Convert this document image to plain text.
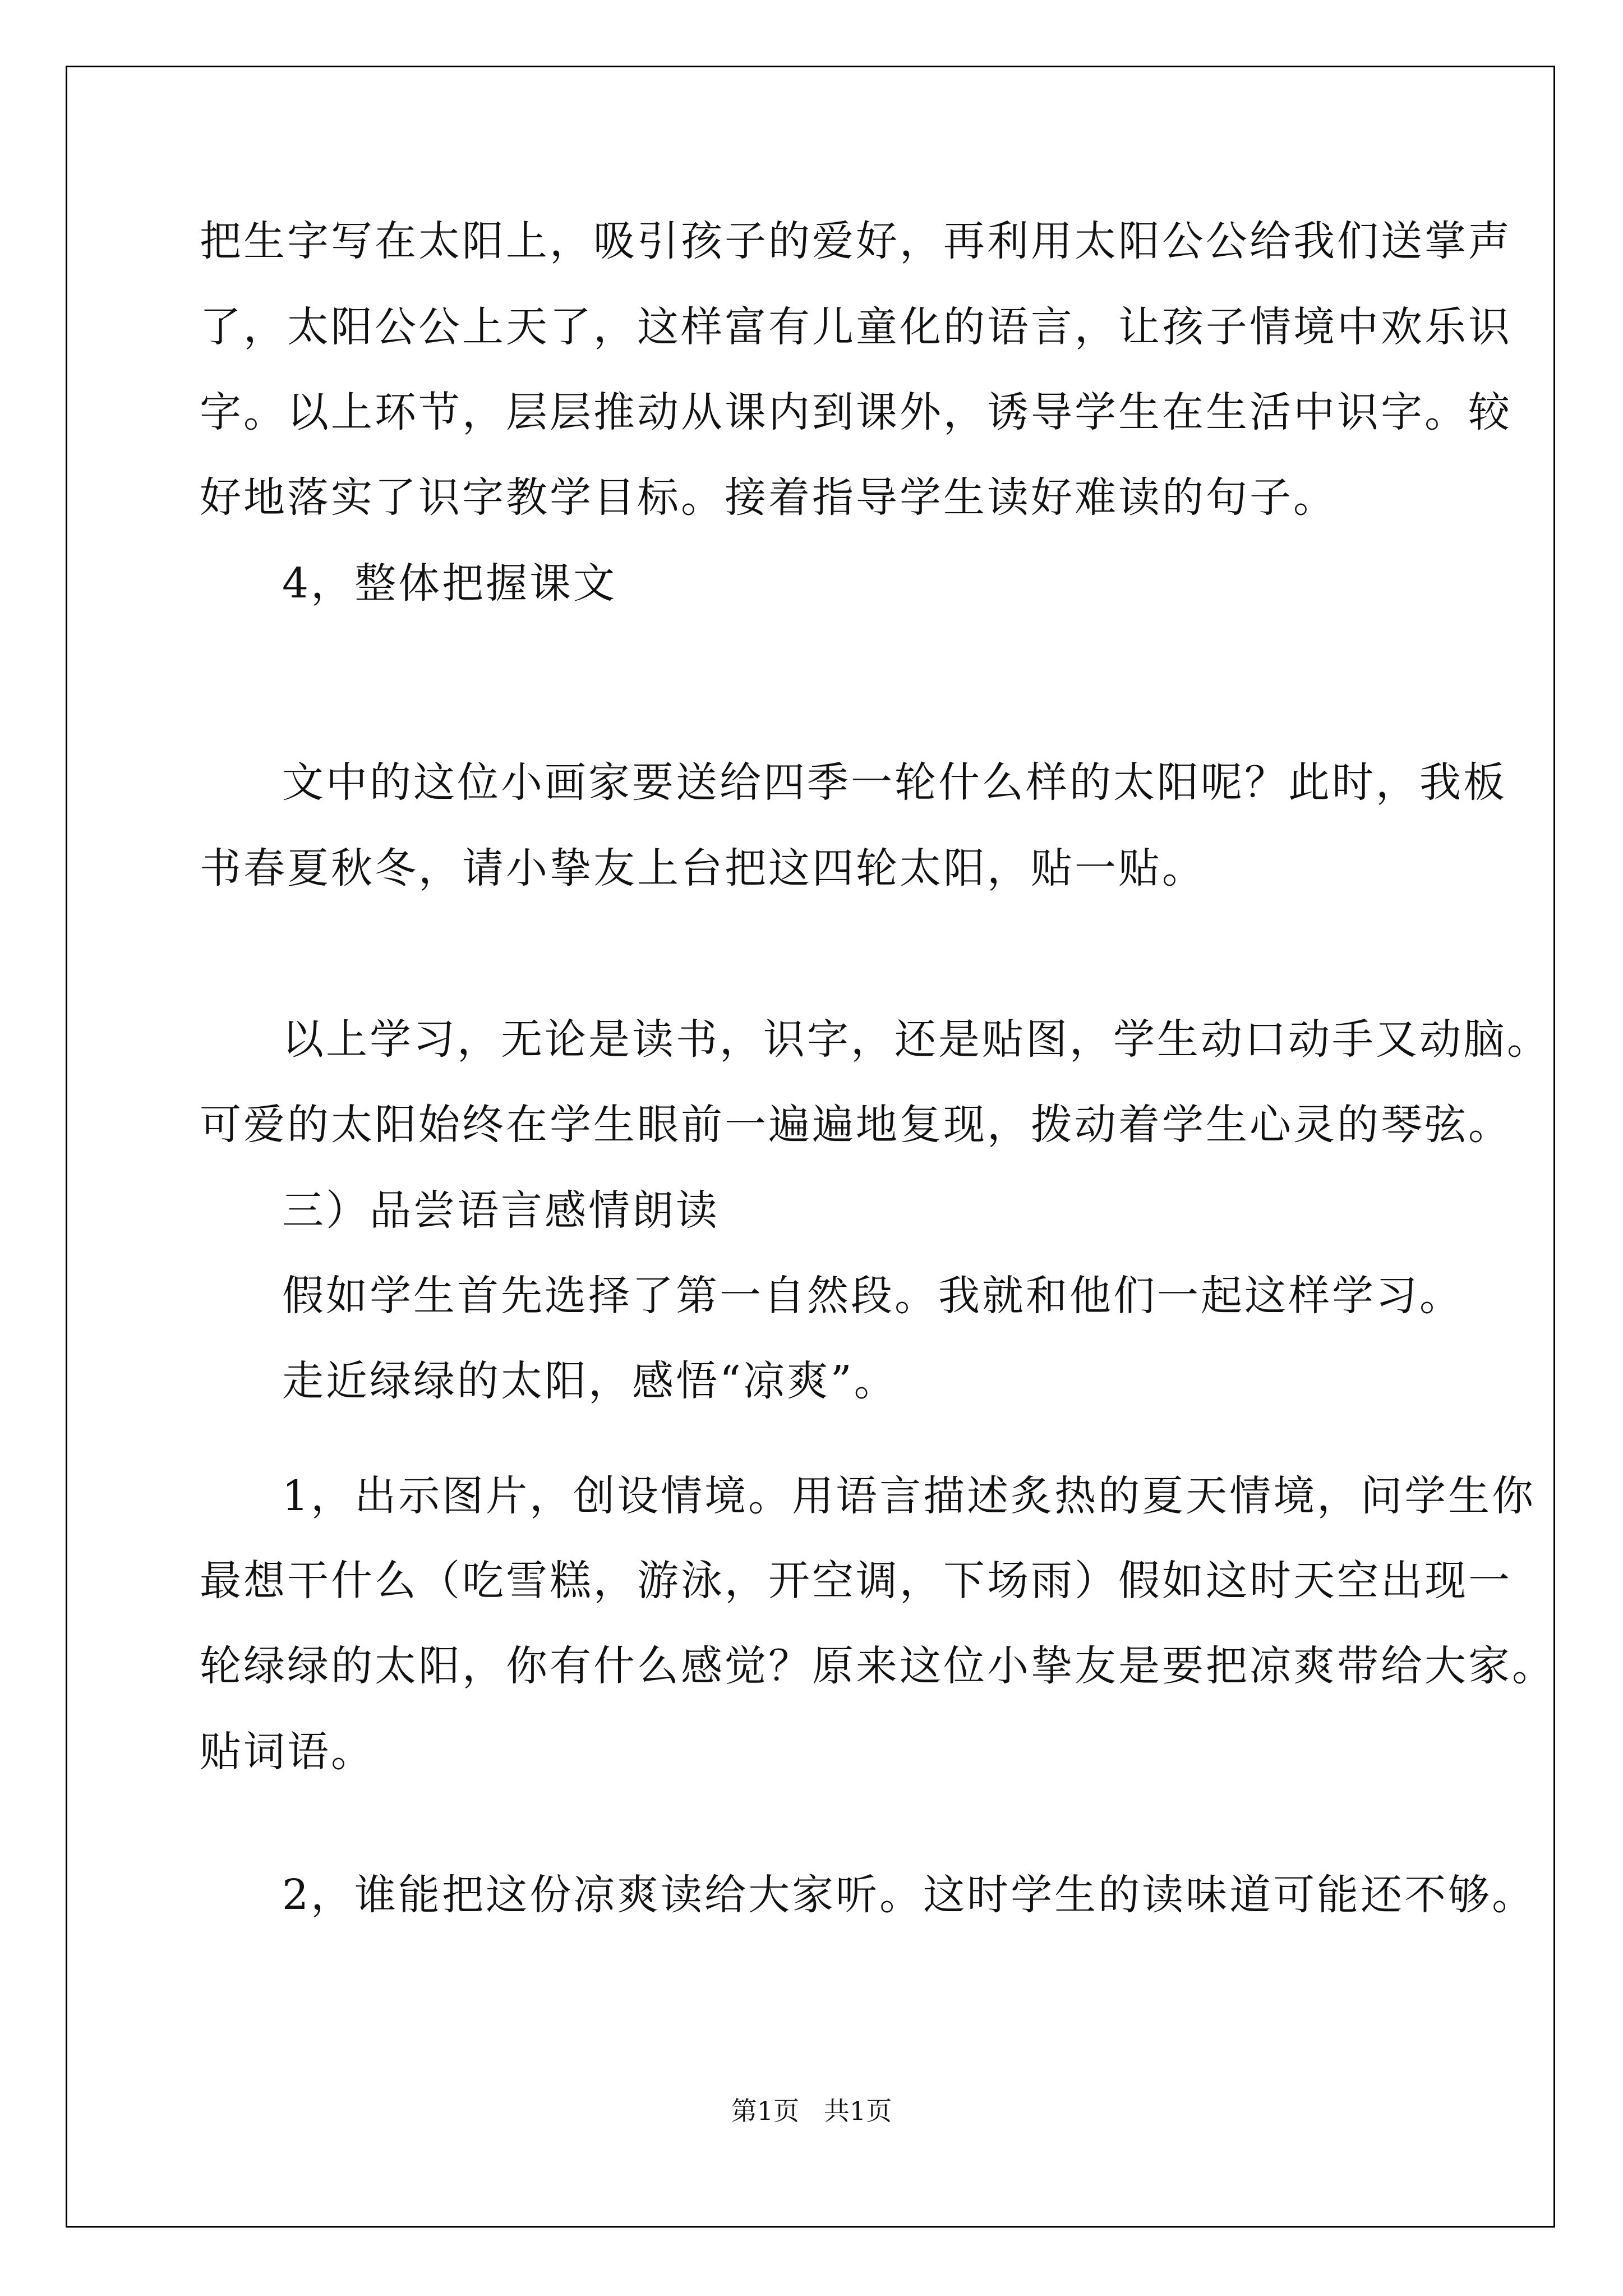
把生字写在太阳上，吸引孩子的爱好，再利用太阳公公给我们送掌声
了，太阳公公上天了，这样富有儿童化的语言，让孩子情境中欢乐识
字。以上环节，层层推动从课内到课外，诱导学生在生活中识字。较
好地落实了识字教学目标。接着指导学生读好难读的句子。
4，整体把握课文
文中的这位小画家要送给四季一轮什么样的太阳呢？此时，我板
书春夏秋冬，请小挚友上台把这四轮太阳，贴一贴。
以上学习，无论是读书，识字，还是贴图，学生动口动手又动脑。
可爱的太阳始终在学生眼前一遍遍地复现，拨动着学生心灵的琴弦。
三）品尝语言感情朗读
假如学生首先选择了第一自然段。我就和他们一起这样学习。
走近绿绿的太阳，感悟“凉爽”。
1，出示图片，创设情境。用语言描述炙热的夏天情境，问学生你
最想干什么（吃雪糕，游泳，开空调，下场雨）假如这时天空出现一
轮绿绿的太阳，你有什么感觉？原来这位小挚友是要把凉爽带给大家。
贴词语。
2，谁能把这份凉爽读给大家听。这时学生的读味道可能还不够。
第1页   共1页
